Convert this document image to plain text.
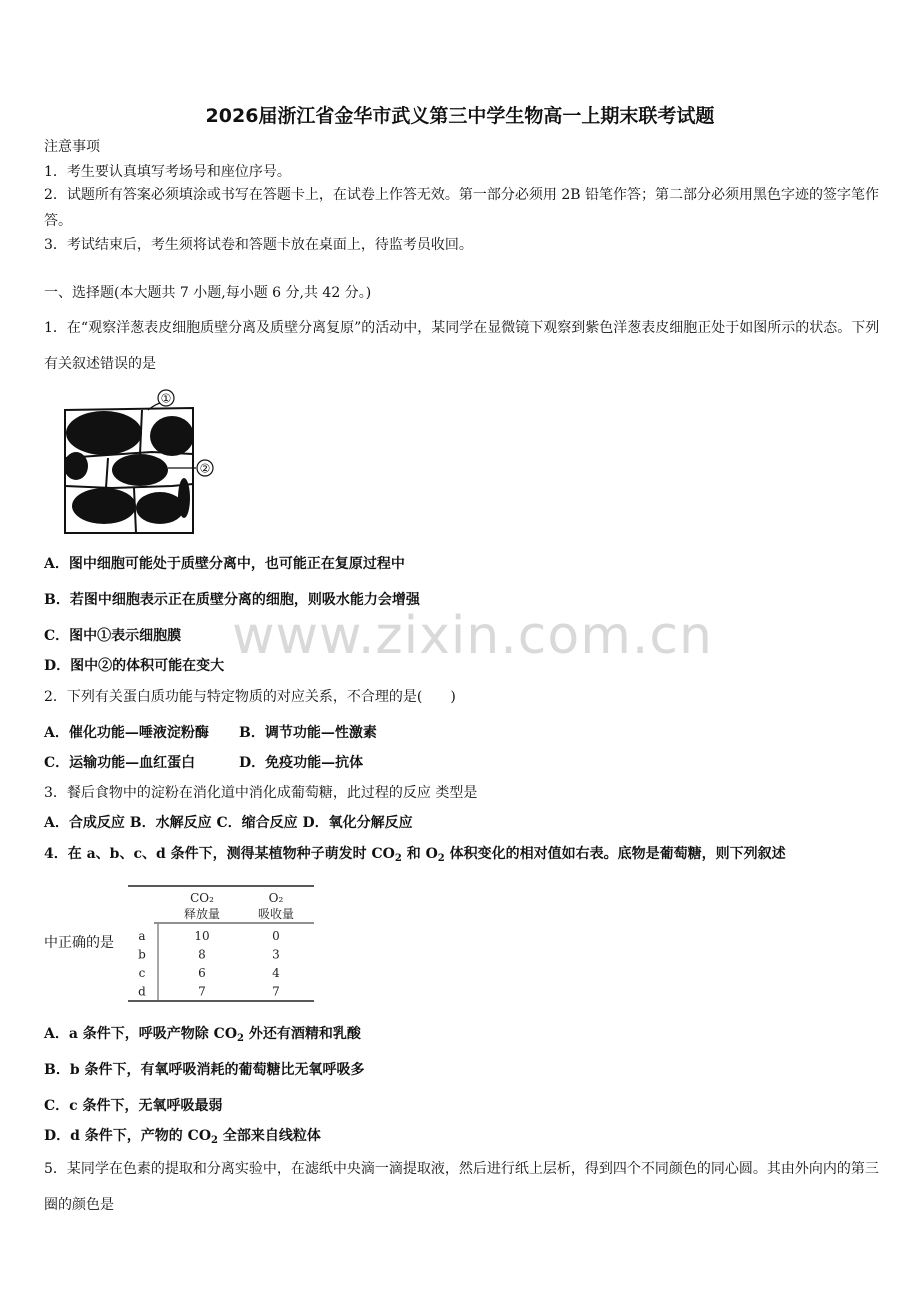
2026届浙江省金华市武义第三中学生物高一上期末联考试题
注意事项
1．考生要认真填写考场号和座位序号。
2．试题所有答案必须填涂或书写在答题卡上，在试卷上作答无效。第一部分必须用 2B 铅笔作答；第二部分必须用黑色字迹的签字笔作答。
3．考试结束后，考生须将试卷和答题卡放在桌面上，待监考员收回。
一、选择题(本大题共 7 小题,每小题 6 分,共 42 分。)
1．在“观察洋葱表皮细胞质壁分离及质壁分离复原”的活动中，某同学在显微镜下观察到紫色洋葱表皮细胞正处于如图所示的状态。下列有关叙述错误的是
①
②
A．图中细胞可能处于质壁分离中，也可能正在复原过程中
B．若图中细胞表示正在质壁分离的细胞，则吸水能力会增强
C．图中①表示细胞膜
D．图中②的体积可能在变大
2．下列有关蛋白质功能与特定物质的对应关系，不合理的是(　　)
A．催化功能—唾液淀粉酶 B．调节功能—性激素
C．运输功能—血红蛋白	D．免疫功能—抗体
3．餐后食物中的淀粉在消化道中消化成葡萄糖，此过程的反应 类型是
A．合成反应 B．水解反应 C．缩合反应 D．氧化分解反应
4．在 a、b、c、d 条件下，测得某植物种子萌发时 $CO_2$ 和 $O_2$ 体积变化的相对值如右表。底物是葡萄糖，则下列叙述
CO₂
释放量
O₂
吸收量
a	10	0
b	8	3
c	6	4
d	7	7
中正确的是
A．a 条件下，呼吸产物除 $CO_2$ 外还有酒精和乳酸
B．b 条件下，有氧呼吸消耗的葡萄糖比无氧呼吸多
C．c 条件下，无氧呼吸最弱
D．d 条件下，产物的 $CO_2$ 全部来自线粒体
5．某同学在色素的提取和分离实验中，在滤纸中央滴一滴提取液，然后进行纸上层析，得到四个不同颜色的同心圆。其由外向内的第三圈的颜色是
www.zixin.com.cn
